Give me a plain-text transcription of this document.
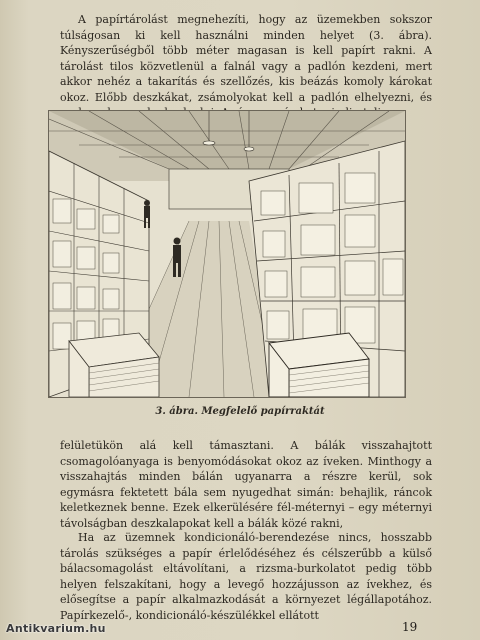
A papírtárolást megnehezíti, hogy az üzemekben sokszor túlságosan ki kell használni minden helyet (3. ábra). Kényszerűségből több méter magasan is kell papírt rakni. A tárolást tilos közvetlenül a falnál vagy a padlón kezdeni, mert akkor nehéz a takarítás és szellőzés, kis beázás komoly károkat okoz. Előbb deszkákat, zsámolyokat kell a padlón elhelyezni, és

3. ábra. Megfelelő papírraktát

felületükön alá kell támasztani. A bálák visszahajtott csomagolóanyaga is benyomódásokat okoz az íveken. Minthogy a visszahajtás minden bálán ugyanarra a részre kerül, sok egymásra fektetett bála sem nyugedhat simán: behajlik, ráncok keletkeznek benne. Ezek elkerülésére fél-méternyi – egy méternyi távolságban deszkalapokat kell a bálák közé rakni,

Ha az üzemnek kondicionáló-berendezése nincs, hosszabb tárolás szükséges a papír érlelődéséhez és célszerűbb a külső bálacsomagolást eltávolítani, a rizsma-burkolatot pedig több helyen felszakítani, hogy a levegő hozzájusson az ívekhez, és elősegítse a papír alkalmazkodását a környezet légállapotához. Papírkezelő-, kondicionáló-készülékkel ellátott

19
Antikvarium.hu
